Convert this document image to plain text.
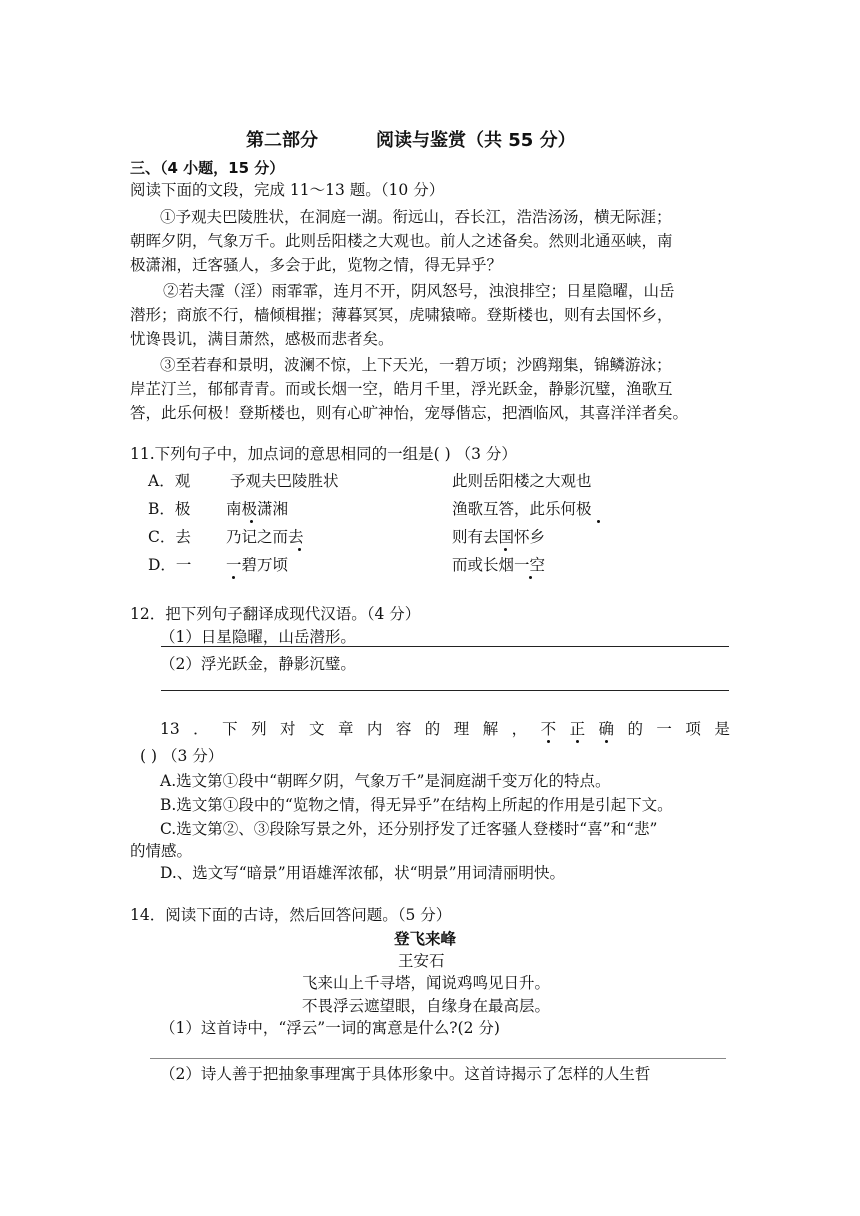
第二部分	阅读与鉴赏（共 55 分）
三、（4 小题，15 分）
阅读下面的文段，完成 11～13 题。（10 分）
①予观夫巴陵胜状，在洞庭一湖。衔远山，吞长江，浩浩汤汤，横无际涯；
朝晖夕阴，气象万千。此则岳阳楼之大观也。前人之述备矣。然则北通巫峡，南
极潇湘，迁客骚人，多会于此，览物之情，得无异乎？
②若夫霪（淫）雨霏霏，连月不开，阴风怒号，浊浪排空；日星隐曜，山岳
潜形；商旅不行，樯倾楫摧；薄暮冥冥，虎啸猿啼。登斯楼也，则有去国怀乡，
忧谗畏讥，满目萧然，感极而悲者矣。
③至若春和景明，波澜不惊，上下天光，一碧万顷；沙鸥翔集，锦鳞游泳；
岸芷汀兰，郁郁青青。而或长烟一空，皓月千里，浮光跃金，静影沉璧，渔歌互
答，此乐何极！登斯楼也，则有心旷神怡，宠辱偕忘，把酒临风，其喜洋洋者矣。
11.下列句子中，加点词的意思相同的一组是( ) （3 分）
A．观	予观夫巴陵胜状	此则岳阳楼之大观也
B．极 南极潇湘	渔歌互答，此乐何极
C．去 乃记之而去	则有去国怀乡
D．一 一碧万顷	而或长烟一空
12．把下列句子翻译成现代汉语。（4 分）
（1）日星隐曜，山岳潜形。
（2）浮光跃金，静影沉璧。
13 ． 下 列 对 文 章 内 容 的 理 解 ， 不 正 确 的 一 项 是
( ) （3 分）
A.选文第①段中“朝晖夕阴，气象万千”是洞庭湖千变万化的特点。
B.选文第①段中的“览物之情，得无异乎”在结构上所起的作用是引起下文。
C.选文第②、③段除写景之外，还分别抒发了迁客骚人登楼时“喜”和“悲”
的情感。
D.、选文写“暗景”用语雄浑浓郁，状“明景”用词清丽明快。
14．阅读下面的古诗，然后回答问题。（5 分）
登飞来峰
王安石
飞来山上千寻塔，闻说鸡鸣见日升。
不畏浮云遮望眼，自缘身在最高层。
（1）这首诗中，“浮云”一词的寓意是什么?(2 分)
（2）诗人善于把抽象事理寓于具体形象中。这首诗揭示了怎样的人生哲
